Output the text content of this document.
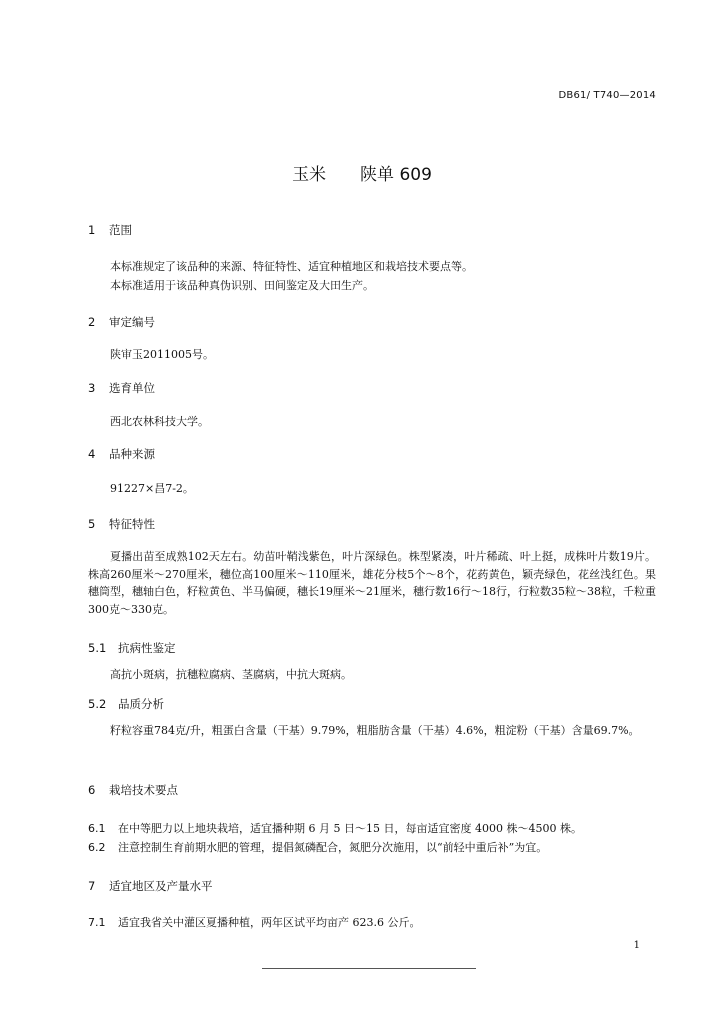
DB61/ T740—2014
玉米　　陕单 609
1 范围
本标准规定了该品种的来源、特征特性、适宜种植地区和栽培技术要点等。
本标准适用于该品种真伪识别、田间鉴定及大田生产。
2 审定编号
陕审玉2011005号。
3 选育单位
西北农林科技大学。
4 品种来源
91227×昌7-2。
5 特征特性
夏播出苗至成熟102天左右。幼苗叶鞘浅紫色，叶片深绿色。株型紧凑，叶片稀疏、叶上挺，成株叶片数19片。株高260厘米～270厘米，穗位高100厘米～110厘米，雄花分枝5个～8个，花药黄色，颖壳绿色，花丝浅红色。果穗筒型，穗轴白色，籽粒黄色、半马偏硬，穗长19厘米～21厘米，穗行数16行～18行，行粒数35粒～38粒，千粒重300克～330克。
5.1 抗病性鉴定
高抗小斑病，抗穗粒腐病、茎腐病，中抗大斑病。
5.2 品质分析
籽粒容重784克/升，粗蛋白含量（干基）9.79%，粗脂肪含量（干基）4.6%，粗淀粉（干基）含量69.7%。
6 栽培技术要点
6.1 在中等肥力以上地块栽培，适宜播种期 6 月 5 日～15 日，每亩适宜密度 4000 株～4500 株。
6.2 注意控制生育前期水肥的管理，提倡氮磷配合，氮肥分次施用，以“前轻中重后补”为宜。
7 适宜地区及产量水平
7.1 适宜我省关中灌区夏播种植，两年区试平均亩产 623.6 公斤。
1
